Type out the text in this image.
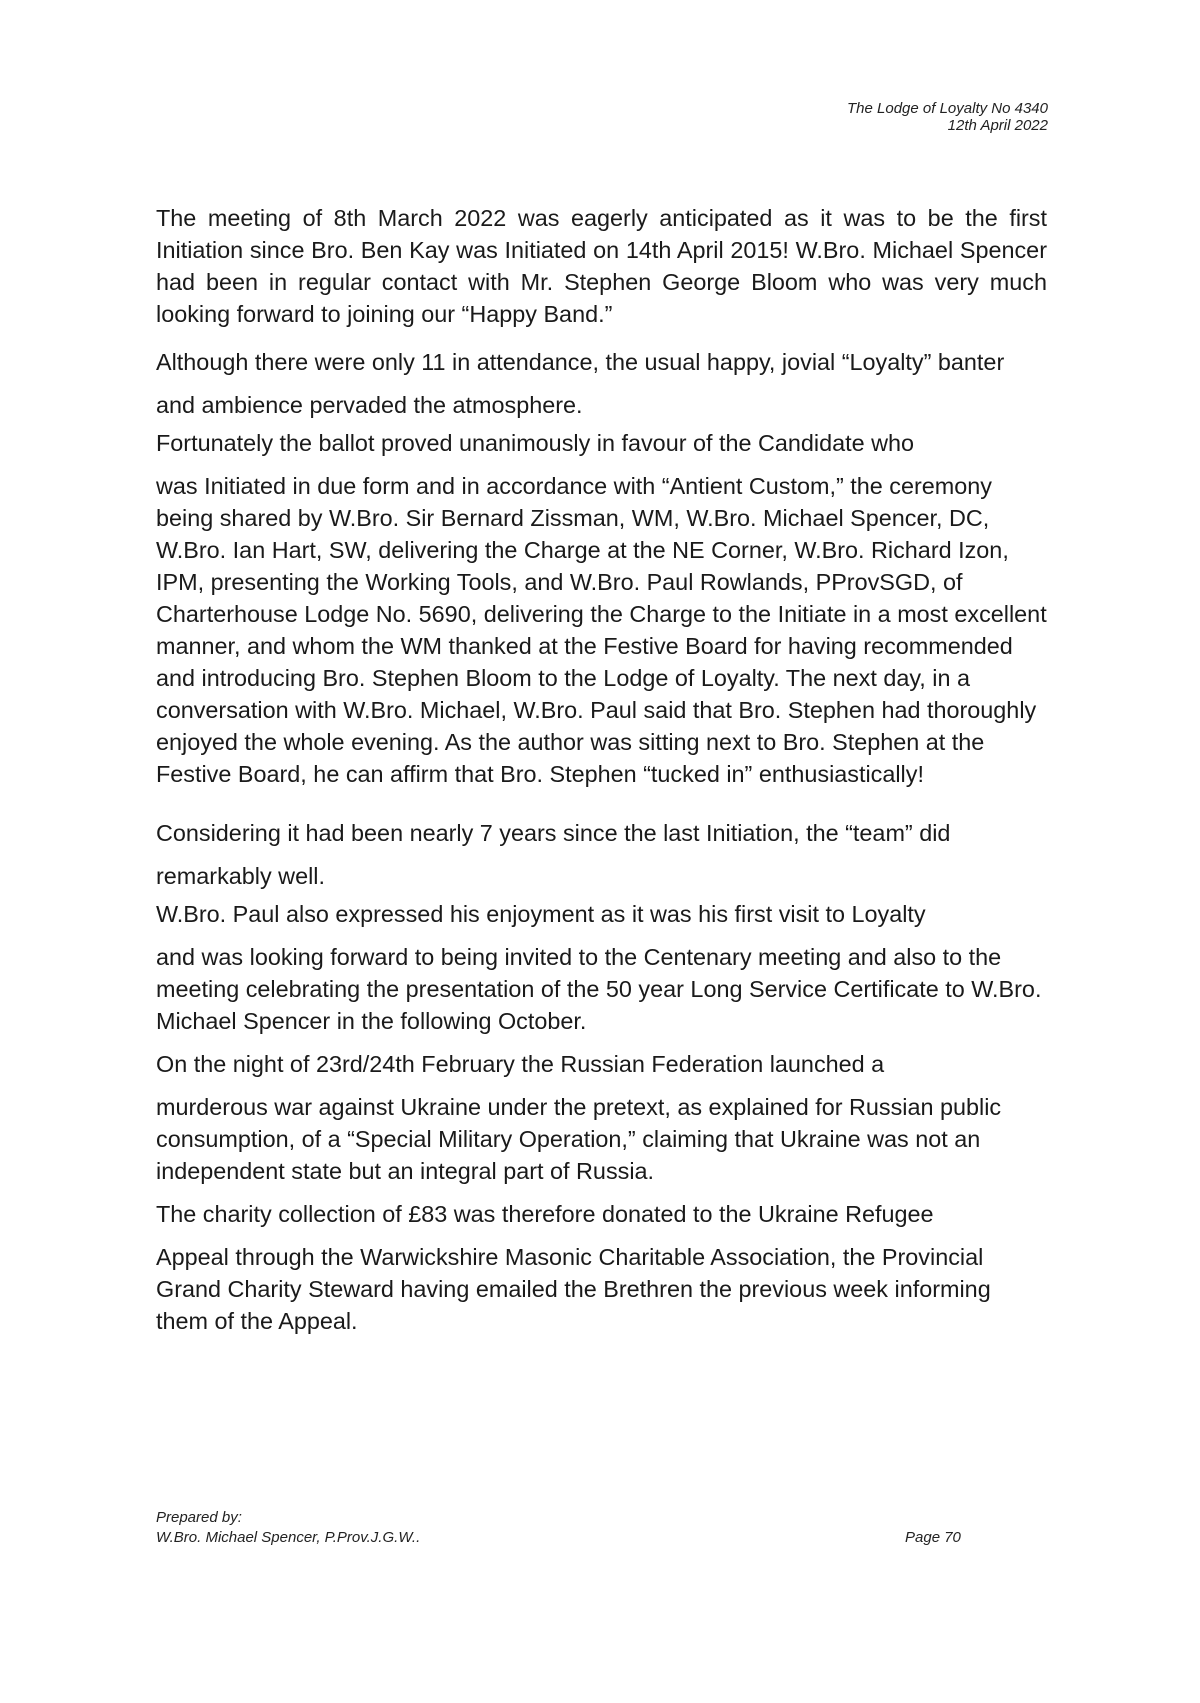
The Lodge of Loyalty No 4340
12th April 2022

The meeting of 8th March 2022 was eagerly anticipated as it was to be the first Initiation since Bro. Ben Kay was Initiated on 14th April 2015! W.Bro. Michael Spencer had been in regular contact with Mr. Stephen George Bloom who was very much looking forward to joining our “Happy Band.”

Although there were only 11 in attendance, the usual happy, jovial “Loyalty” banter and ambience pervaded the atmosphere.

Fortunately the ballot proved unanimously in favour of the Candidate who

was Initiated in due form and in accordance with “Antient Custom,” the ceremony being shared by W.Bro. Sir Bernard Zissman, WM, W.Bro. Michael Spencer, DC, W.Bro. Ian Hart, SW, delivering the Charge at the NE Corner, W.Bro. Richard Izon, IPM, presenting the Working Tools, and W.Bro. Paul Rowlands, PProvSGD, of Charterhouse Lodge No. 5690, delivering the Charge to the Initiate in a most excellent manner, and whom the WM thanked at the Festive Board for having recommended and introducing Bro. Stephen Bloom to the Lodge of Loyalty. The next day, in a conversation with W.Bro. Michael, W.Bro. Paul said that Bro. Stephen had thoroughly enjoyed the whole evening. As the author was sitting next to Bro. Stephen at the Festive Board, he can affirm that Bro. Stephen “tucked in” enthusiastically!

Considering it had been nearly 7 years since the last Initiation, the “team” did remarkably well.

W.Bro. Paul also expressed his enjoyment as it was his first visit to Loyalty

and was looking forward to being invited to the Centenary meeting and also to the meeting celebrating the presentation of the 50 year Long Service Certificate to W.Bro. Michael Spencer in the following October.

On the night of 23rd/24th February the Russian Federation launched a

murderous war against Ukraine under the pretext, as explained for Russian public consumption, of a “Special Military Operation,” claiming that Ukraine was not an independent state but an integral part of Russia.

The charity collection of £83 was therefore donated to the Ukraine Refugee

Appeal through the Warwickshire Masonic Charitable Association, the Provincial Grand Charity Steward having emailed the Brethren the previous week informing them of the Appeal.

Prepared by:
W.Bro. Michael Spencer, P.Prov.J.G.W..	Page 70
